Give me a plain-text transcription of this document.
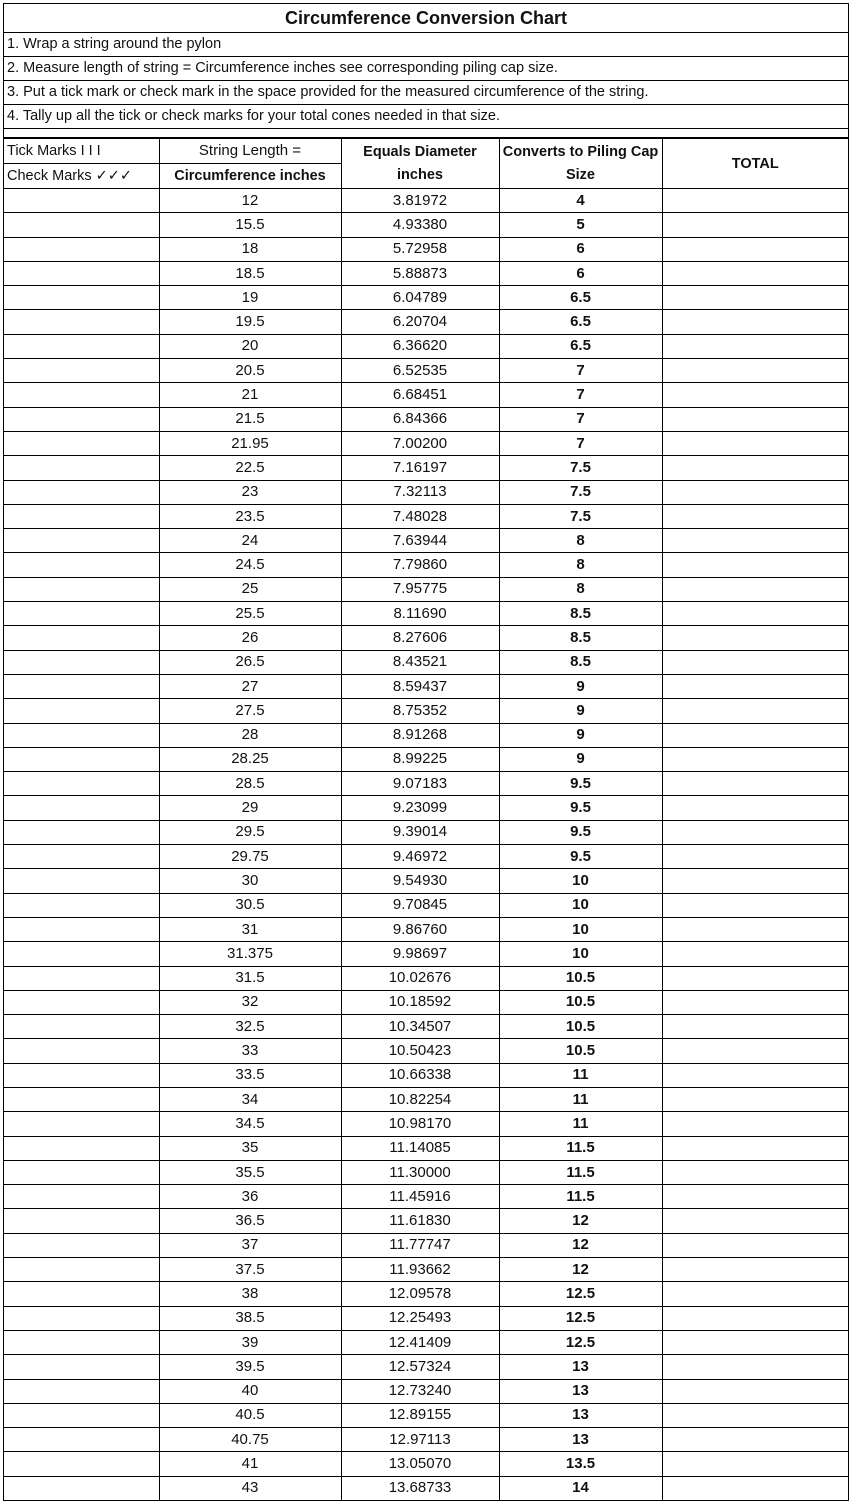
Circumference Conversion Chart
1. Wrap a string around the pylon
2. Measure length of string = Circumference inches see corresponding piling cap size.
3. Put a tick mark or check mark in the space provided for the measured circumference of the string.
4. Tally up all the tick or check marks for your total cones needed in that size.
Tick Marks I I I	String Length =	Equals Diameter inches	Converts to Piling Cap Size	TOTAL
Check Marks ✓✓✓	Circumference inches			
	12	3.81972	4	
	15.5	4.93380	5	
	18	5.72958	6	
	18.5	5.88873	6	
	19	6.04789	6.5	
	19.5	6.20704	6.5	
	20	6.36620	6.5	
	20.5	6.52535	7	
	21	6.68451	7	
	21.5	6.84366	7	
	21.95	7.00200	7	
	22.5	7.16197	7.5	
	23	7.32113	7.5	
	23.5	7.48028	7.5	
	24	7.63944	8	
	24.5	7.79860	8	
	25	7.95775	8	
	25.5	8.11690	8.5	
	26	8.27606	8.5	
	26.5	8.43521	8.5	
	27	8.59437	9	
	27.5	8.75352	9	
	28	8.91268	9	
	28.25	8.99225	9	
	28.5	9.07183	9.5	
	29	9.23099	9.5	
	29.5	9.39014	9.5	
	29.75	9.46972	9.5	
	30	9.54930	10	
	30.5	9.70845	10	
	31	9.86760	10	
	31.375	9.98697	10	
	31.5	10.02676	10.5	
	32	10.18592	10.5	
	32.5	10.34507	10.5	
	33	10.50423	10.5	
	33.5	10.66338	11	
	34	10.82254	11	
	34.5	10.98170	11	
	35	11.14085	11.5	
	35.5	11.30000	11.5	
	36	11.45916	11.5	
	36.5	11.61830	12	
	37	11.77747	12	
	37.5	11.93662	12	
	38	12.09578	12.5	
	38.5	12.25493	12.5	
	39	12.41409	12.5	
	39.5	12.57324	13	
	40	12.73240	13	
	40.5	12.89155	13	
	40.75	12.97113	13	
	41	13.05070	13.5	
	43	13.68733	14	
